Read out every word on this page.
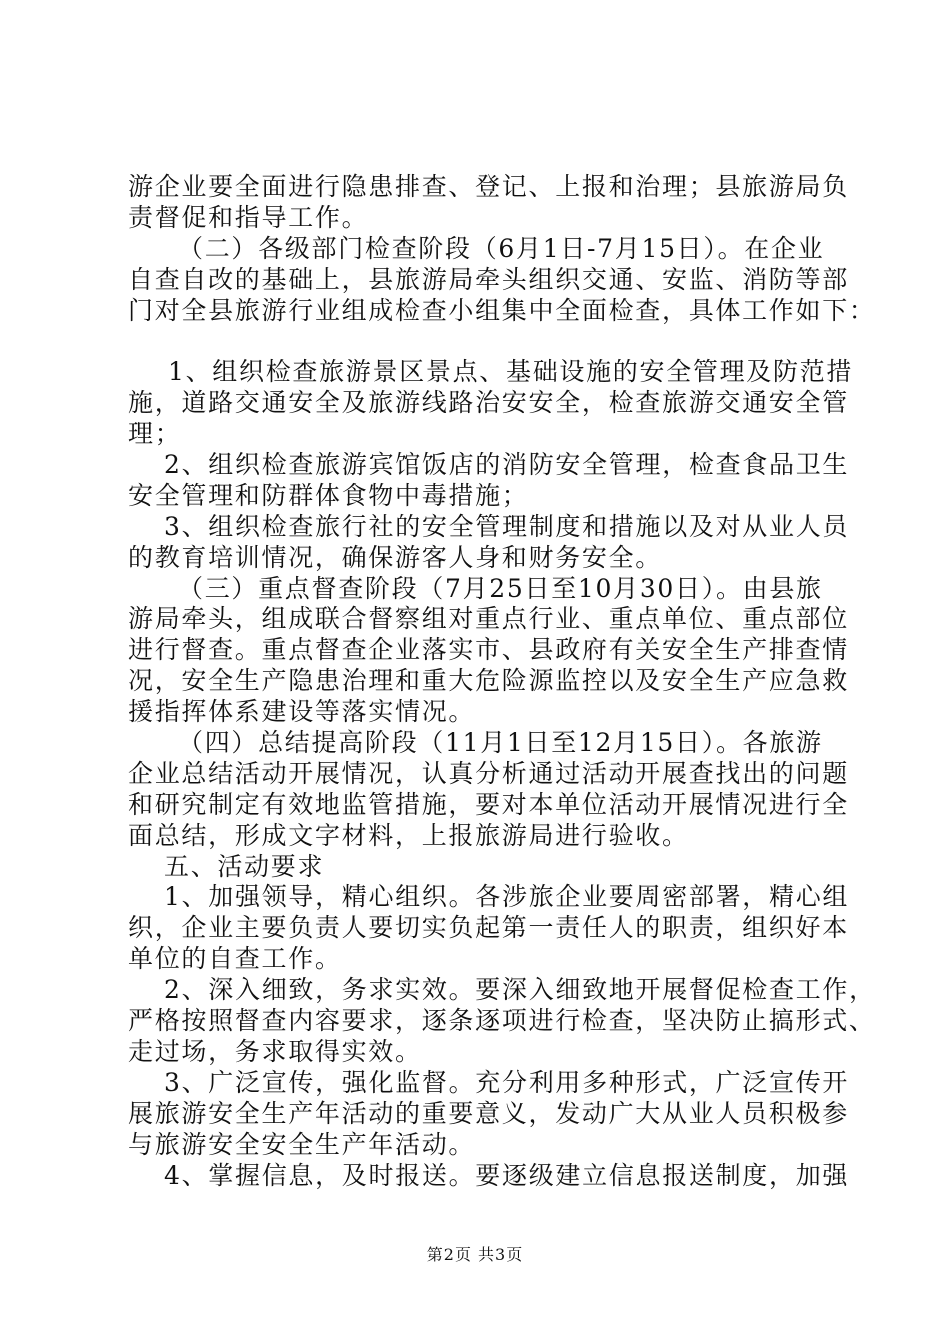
游企业要全面进行隐患排查、登记、上报和治理；县旅游局负
责督促和指导工作。
（二）各级部门检查阶段（6月1日-7月15日）。在企业
自查自改的基础上，县旅游局牵头组织交通、安监、消防等部
门对全县旅游行业组成检查小组集中全面检查，具体工作如下：
1、组织检查旅游景区景点、基础设施的安全管理及防范措
施，道路交通安全及旅游线路治安安全，检查旅游交通安全管
理；
2、组织检查旅游宾馆饭店的消防安全管理，检查食品卫生
安全管理和防群体食物中毒措施；
3、组织检查旅行社的安全管理制度和措施以及对从业人员
的教育培训情况，确保游客人身和财务安全。
（三）重点督查阶段（7月25日至10月30日）。由县旅
游局牵头，组成联合督察组对重点行业、重点单位、重点部位
进行督查。重点督查企业落实市、县政府有关安全生产排查情
况，安全生产隐患治理和重大危险源监控以及安全生产应急救
援指挥体系建设等落实情况。
（四）总结提高阶段（11月1日至12月15日）。各旅游
企业总结活动开展情况，认真分析通过活动开展查找出的问题
和研究制定有效地监管措施，要对本单位活动开展情况进行全
面总结，形成文字材料，上报旅游局进行验收。
五、活动要求
1、加强领导，精心组织。各涉旅企业要周密部署，精心组
织，企业主要负责人要切实负起第一责任人的职责，组织好本
单位的自查工作。
2、深入细致，务求实效。要深入细致地开展督促检查工作，
严格按照督查内容要求，逐条逐项进行检查，坚决防止搞形式、
走过场，务求取得实效。
3、广泛宣传，强化监督。充分利用多种形式，广泛宣传开
展旅游安全生产年活动的重要意义，发动广大从业人员积极参
与旅游安全安全生产年活动。
4、掌握信息，及时报送。要逐级建立信息报送制度，加强
第2页 共3页
